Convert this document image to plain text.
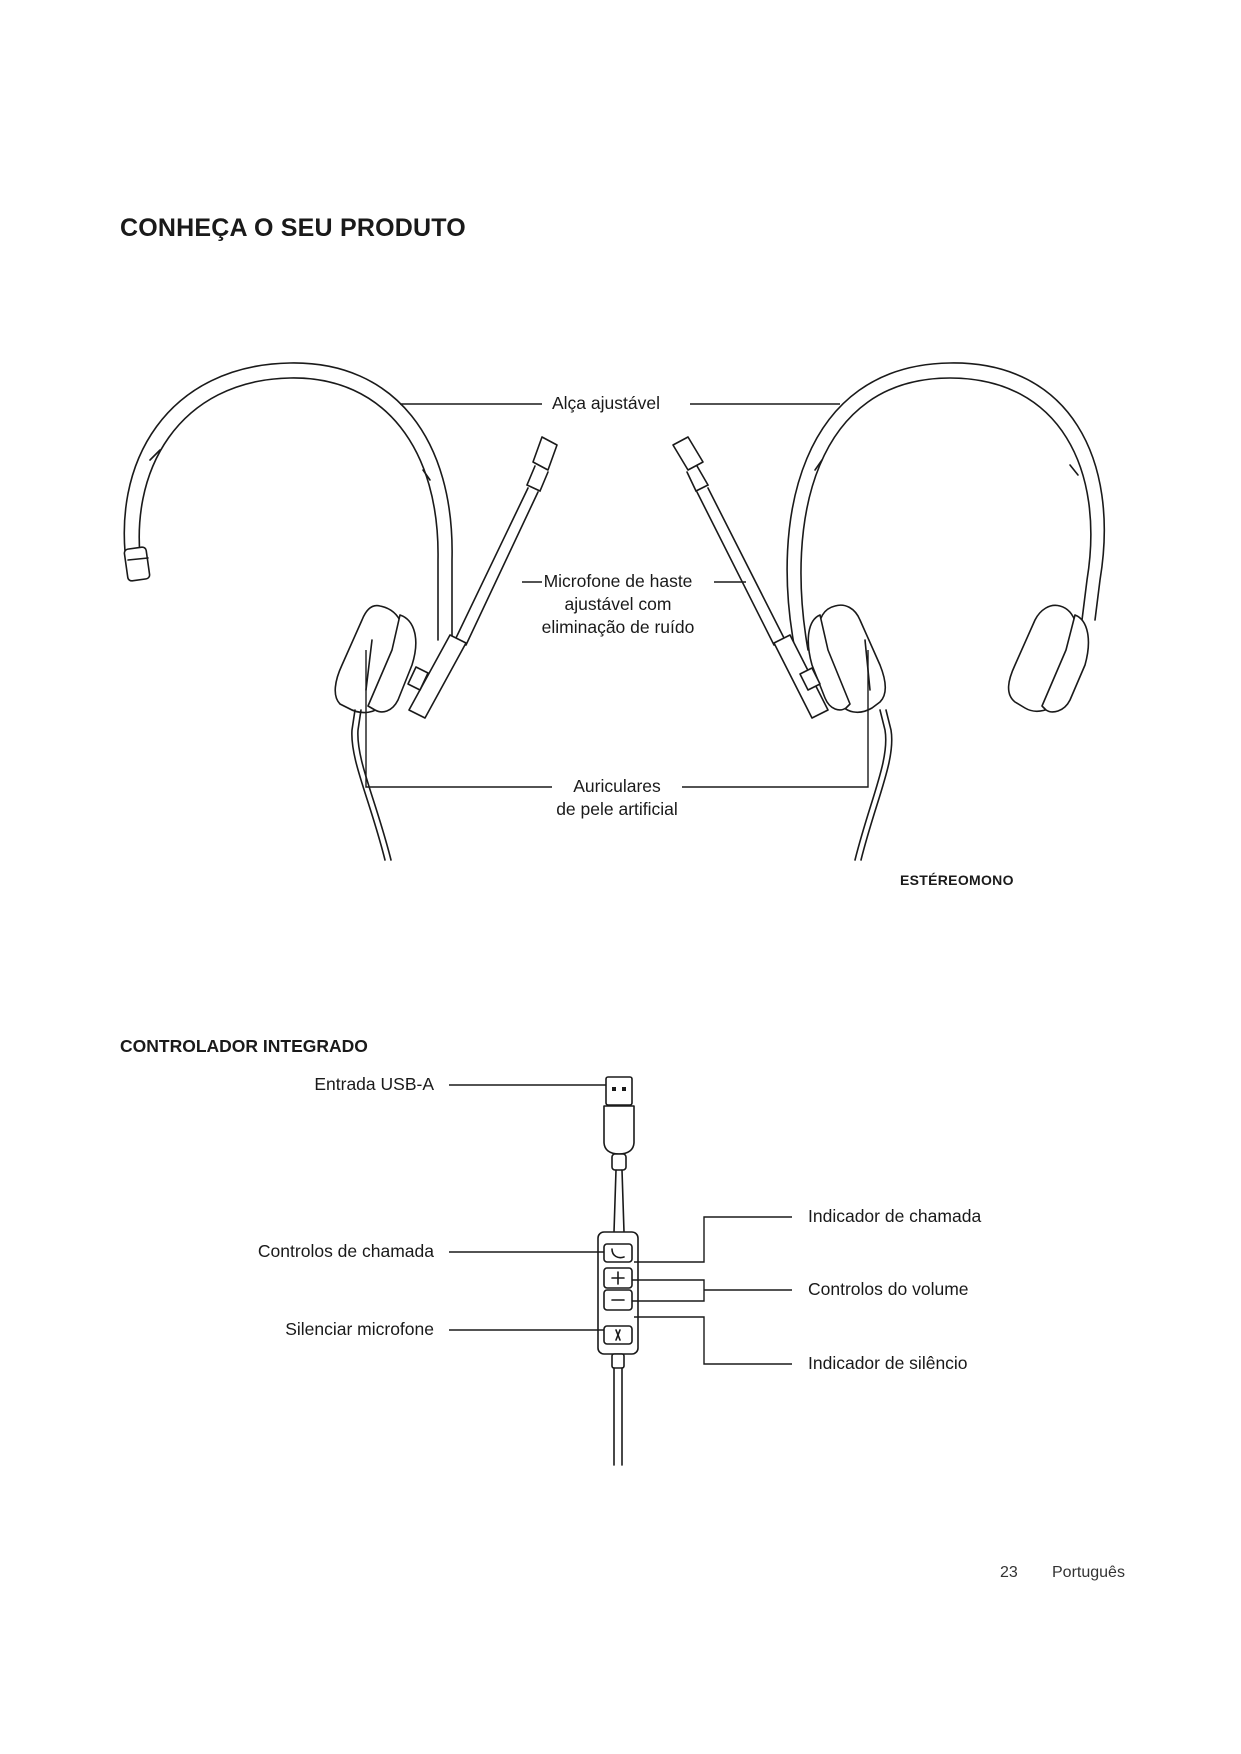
CONHEÇA O SEU PRODUTO
Alça ajustável
Microfone de haste
ajustável com
eliminação de ruído
Auriculares
de pele artificial
ESTÉREOMONO
CONTROLADOR INTEGRADO
Entrada USB-A
Controlos de chamada
Silenciar microfone
Indicador de chamada
Controlos do volume
Indicador de silêncio
23 Português
